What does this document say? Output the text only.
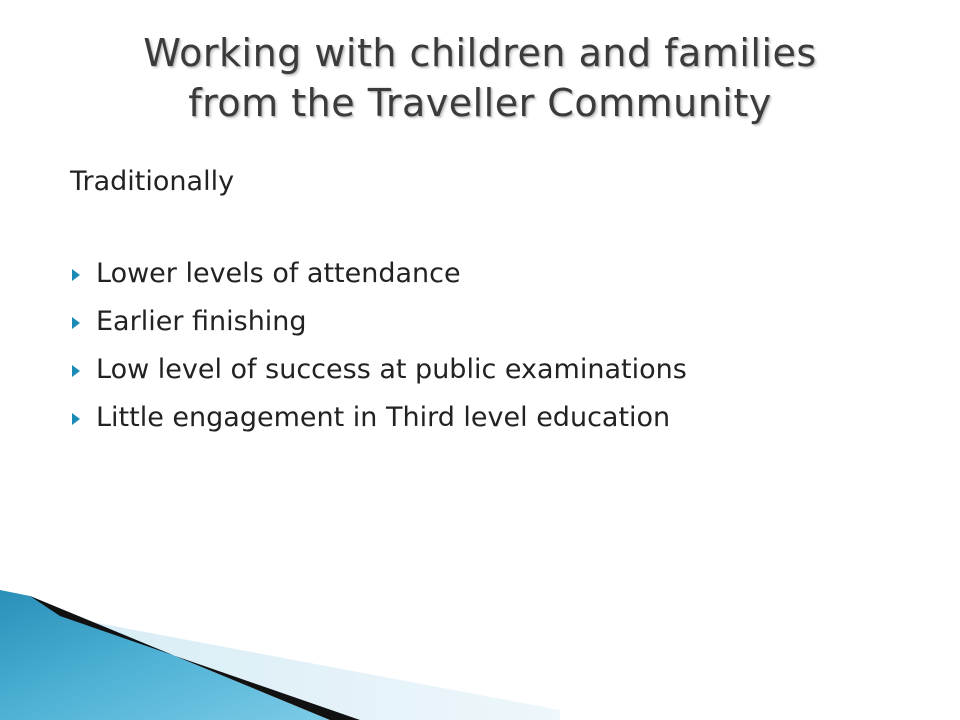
Working with children and families
from the Traveller Community
Traditionally
Lower levels of attendance
Earlier finishing
Low level of success at public examinations
Little engagement in Third level education
